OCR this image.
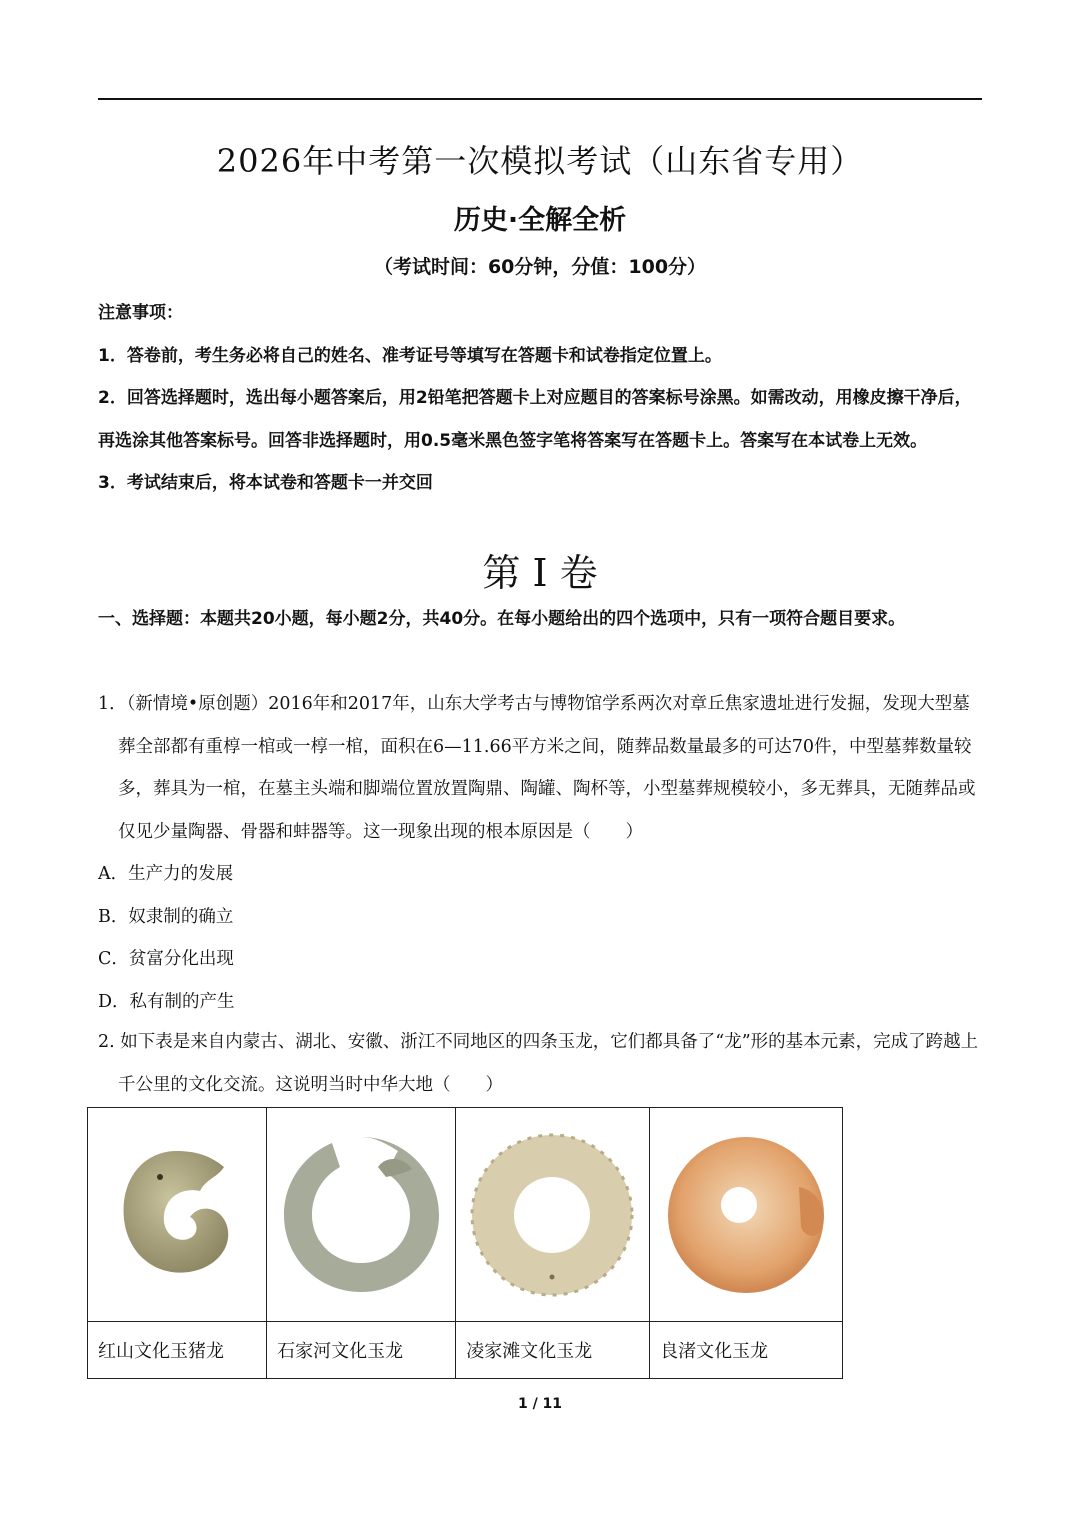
2026年中考第一次模拟考试（山东省专用）
历史·全解全析
（考试时间：60分钟，分值：100分）

注意事项：

1．答卷前，考生务必将自己的姓名、准考证号等填写在答题卡和试卷指定位置上。

2．回答选择题时，选出每小题答案后，用2铅笔把答题卡上对应题目的答案标号涂黑。如需改动，用橡皮擦干净后，再选涂其他答案标号。回答非选择题时，用0.5毫米黑色签字笔将答案写在答题卡上。答案写在本试卷上无效。

3．考试结束后，将本试卷和答题卡一并交回

第 I 卷

一、选择题：本题共20小题，每小题2分，共40分。在每小题给出的四个选项中，只有一项符合题目要求。

1．（新情境•原创题）2016年和2017年，山东大学考古与博物馆学系两次对章丘焦家遗址进行发掘，发现大型墓葬全部都有重椁一棺或一椁一棺，面积在6—11.66平方米之间，随葬品数量最多的可达70件，中型墓葬数量较多，葬具为一棺，在墓主头端和脚端位置放置陶鼎、陶罐、陶杯等，小型墓葬规模较小，多无葬具，无随葬品或仅见少量陶器、骨器和蚌器等。这一现象出现的根本原因是（　　）

A．生产力的发展

B．奴隶制的确立

C．贫富分化出现

D．私有制的产生

2. 如下表是来自内蒙古、湖北、安徽、浙江不同地区的四条玉龙，它们都具备了“龙”形的基本元素，完成了跨越上千公里的文化交流。这说明当时中华大地（　　）

红山文化玉猪龙	石家河文化玉龙	凌家滩文化玉龙	良渚文化玉龙
1 / 11
